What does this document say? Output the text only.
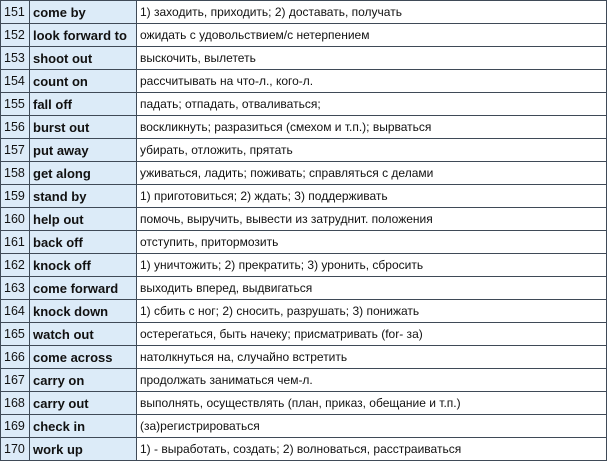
151	come by	1) заходить, приходить; 2) доставать, получать
152	look forward to	ожидать с удовольствием/с нетерпением
153	shoot out	выскочить, вылететь
154	count on	рассчитывать на что-л., кого-л.
155	fall off	падать; отпадать, отваливаться;
156	burst out	воскликнуть; разразиться (смехом и т.п.); вырваться
157	put away	убирать, отложить, прятать
158	get along	уживаться, ладить; поживать; справляться с делами
159	stand by	1) приготовиться; 2) ждать; 3) поддерживать
160	help out	помочь, выручить, вывести из затруднит. положения
161	back off	отступить, притормозить
162	knock off	1) уничтожить; 2) прекратить; 3) уронить, сбросить
163	come forward	выходить вперед, выдвигаться
164	knock down	1) сбить с ног; 2) сносить, разрушать; 3) понижать
165	watch out	остерегаться, быть начеку; присматривать (for- за)
166	come across	натолкнуться на, случайно встретить
167	carry on	продолжать заниматься чем-л.
168	carry out	выполнять, осуществлять (план, приказ, обещание и т.п.)
169	check in	(за)регистрироваться
170	work up	1) - выработать, создать; 2) волноваться, расстраиваться
